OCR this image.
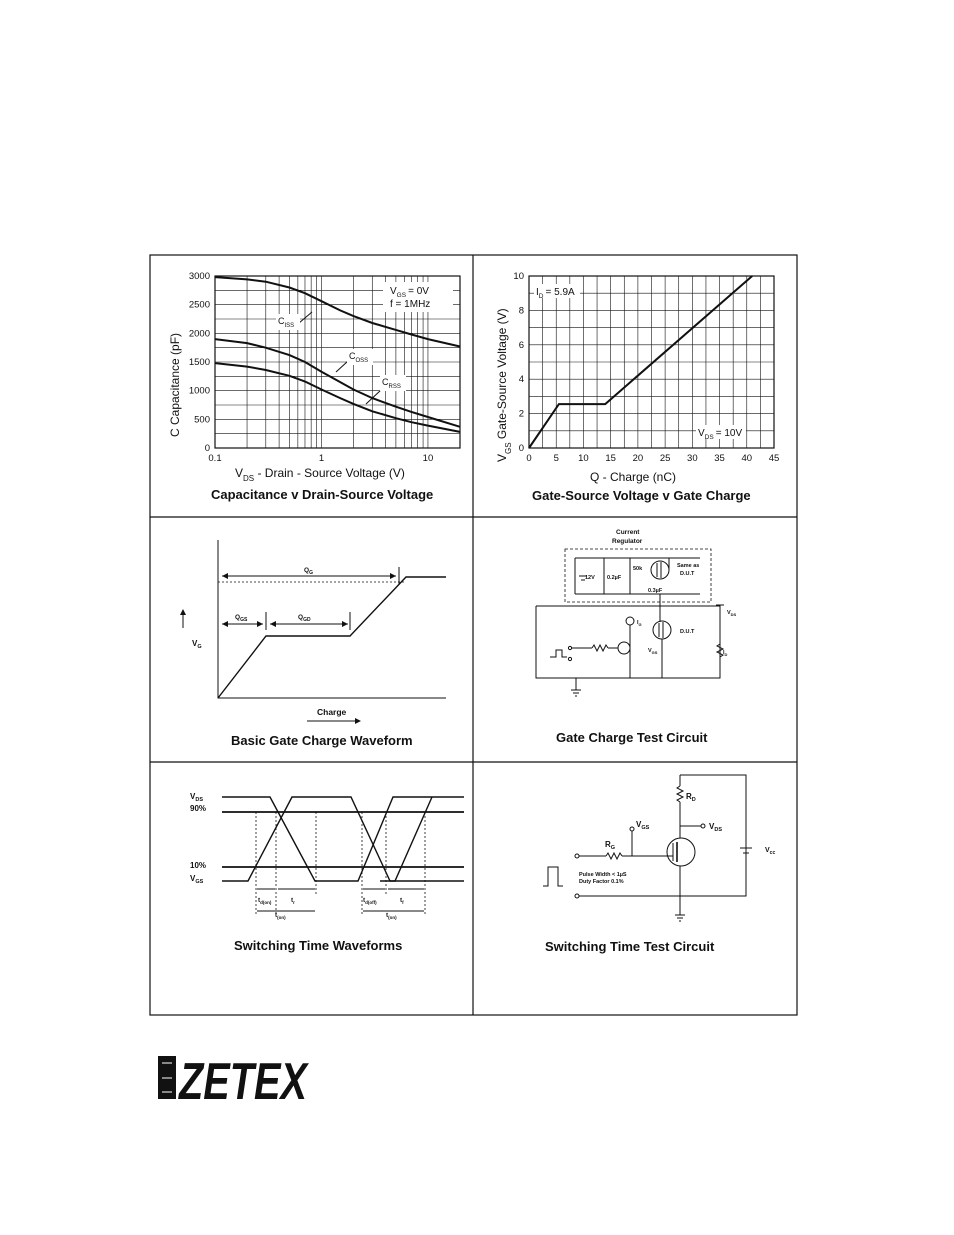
0
500
1000
1500
2000
2500
3000
0.1	1	10
$V_{GS} = 0V$
f = 1MHz
$C_{ISS}$
$C_{OSS}$
$C_{RSS}$
C Capacitance (pF)
$V_{DS}$ - Drain - Source Voltage (V)
Capacitance v Drain-Source Voltage
0
2
4
6
8
10
0 5 10 15 20 25 30 35 40 45
$I_D = 5.9A$
$V_{DS} = 10V$
$V_{GS}$ Gate-Source Voltage (V)
Q - Charge (nC)
Gate-Source Voltage v Gate Charge
$Q_G$
$Q_{GS}$	$Q_{GD}$
$V_G$
Charge
Basic Gate Charge Waveform
Current
Regulator
12V 0.2µF
50k
0.3µF
Same as
D.U.T
D.U.T
$I_G$
$V_{GS}$
$V_{DS}$
$I_D$
Gate Charge Test Circuit
$V_{DS}$
90%
10%
$V_{GS}$
$t_{d(on)}$	$t_r$
$t_{(on)}$
$t_{d(off)}$	$t_f$
$t_{(on)}$
Switching Time Waveforms
$V_{cc}$
$R_D$
$V_{DS}$
$R_G$
$V_{GS}$
Pulse Width < 1µS
Duty Factor 0.1%
Switching Time Test Circuit
ZETEX
